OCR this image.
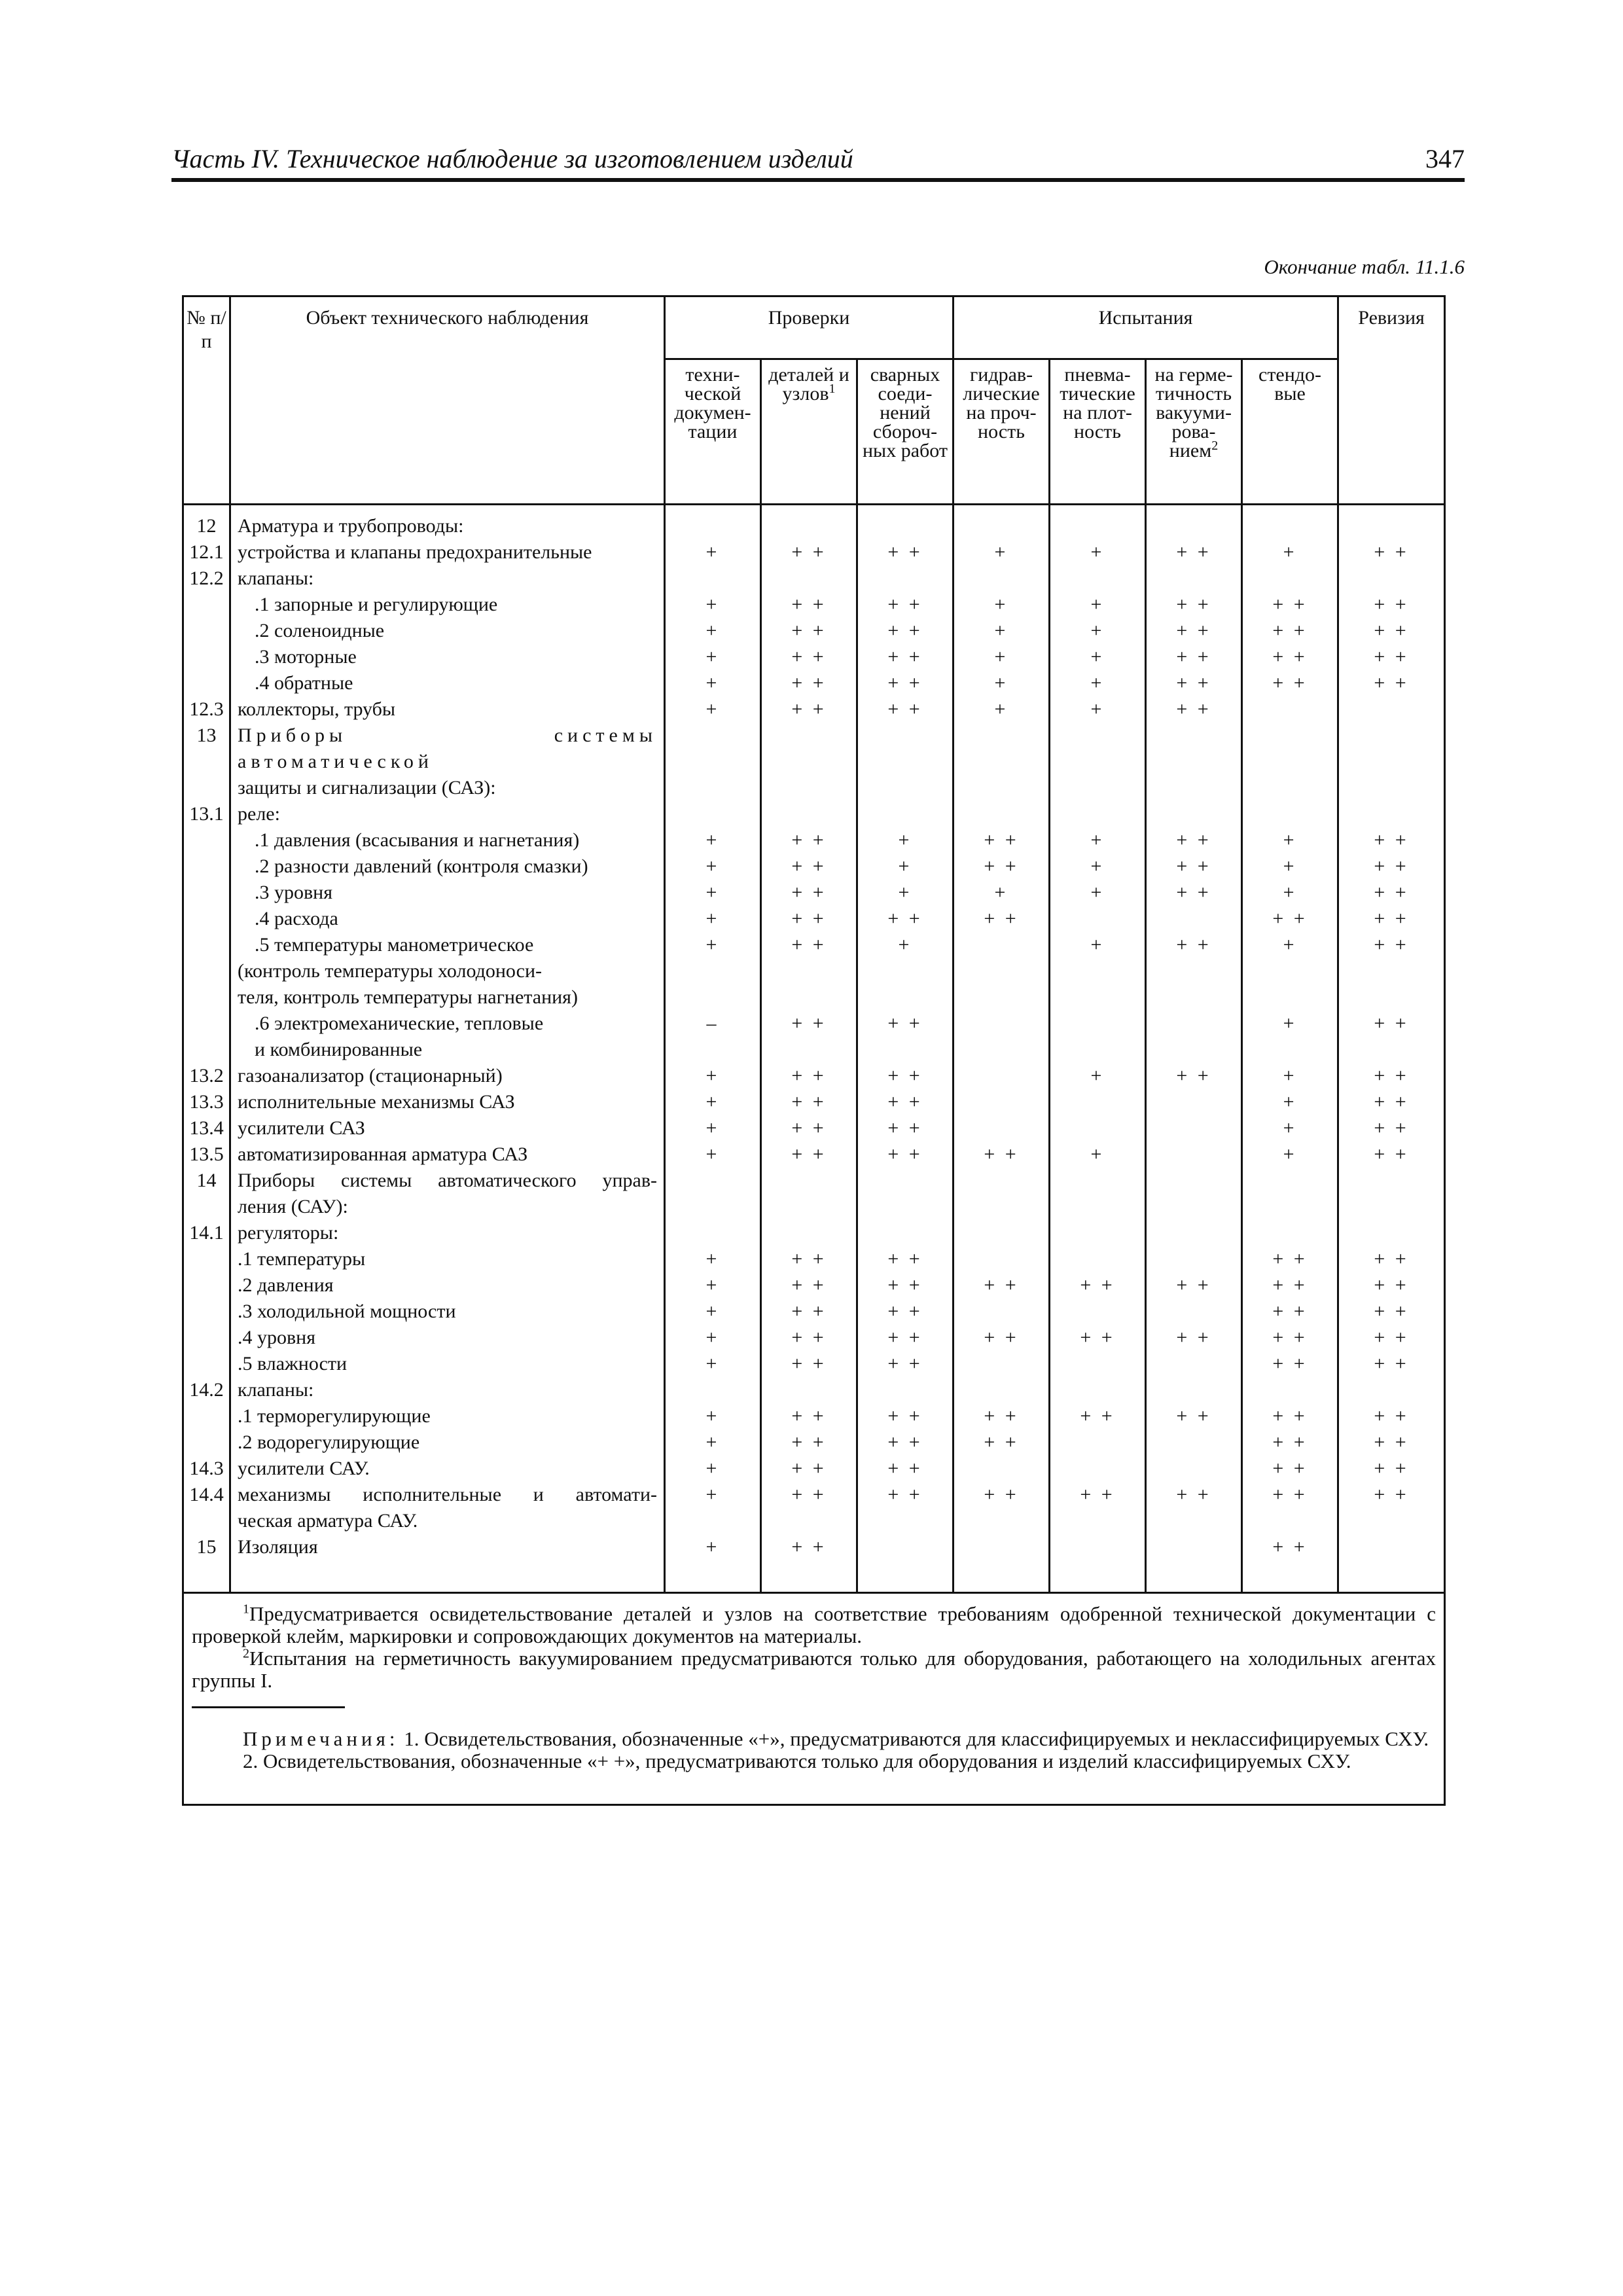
Часть IV. Техническое наблюдение за изготовлением изделий	347
Окончание табл. 11.1.6
№ п/п	Объект технического наблюдения	Проверки			Испытания				Ревизия
		техни- ческой докумен- тации	деталей и узлов$^1$	сварных соеди- нений сбороч- ных работ	гидрав- лические на проч- ность	пневма- тические на плот- ность	на герме- тичность вакууми- рова- нием$^2$	стендо- вые	
12	Арматура и трубопроводы:								
12.1	устройства и клапаны предохранительные	+	+ +	+ +	+	+	+ +	+	+ +
12.2	клапаны:								
	.1 запорные и регулирующие	+	+ +	+ +	+	+	+ +	+ +	+ +
	.2 соленоидные	+	+ +	+ +	+	+	+ +	+ +	+ +
	.3 моторные	+	+ +	+ +	+	+	+ +	+ +	+ +
	.4 обратные	+	+ +	+ +	+	+	+ +	+ +	+ +
12.3	коллекторы, трубы	+	+ +	+ +	+	+	+ +		
13	Приборы системы автоматической								
	защиты и сигнализации (САЗ):								
13.1	реле:								
	.1 давления (всасывания и нагнетания)	+	+ +	+	+ +	+	+ +	+	+ +
	.2 разности давлений (контроля смазки)	+	+ +	+	+ +	+	+ +	+	+ +
	.3 уровня	+	+ +	+	+	+	+ +	+	+ +
	.4 расхода	+	+ +	+ +	+ +			+ +	+ +
	.5 температуры манометрическое	+	+ +	+		+	+ +	+	+ +
	(контроль температуры холодоноси-								
	теля, контроль температуры нагнетания)								
	.6 электромеханические, тепловые	–	+ +	+ +				+	+ +
	и комбинированные								
13.2	газоанализатор (стационарный)	+	+ +	+ +		+	+ +	+	+ +
13.3	исполнительные механизмы САЗ	+	+ +	+ +				+	+ +
13.4	усилители САЗ	+	+ +	+ +				+	+ +
13.5	автоматизированная арматура САЗ	+	+ +	+ +	+ +	+		+	+ +
14	Приборы системы автоматического управ-								
	ления (САУ):								
14.1	регуляторы:								
	.1 температуры	+	+ +	+ +				+ +	+ +
	.2 давления	+	+ +	+ +	+ +	+ +	+ +	+ +	+ +
	.3 холодильной мощности	+	+ +	+ +				+ +	+ +
	.4 уровня	+	+ +	+ +	+ +	+ +	+ +	+ +	+ +
	.5 влажности	+	+ +	+ +				+ +	+ +
14.2	клапаны:								
	.1 терморегулирующие	+	+ +	+ +	+ +	+ +	+ +	+ +	+ +
	.2 водорегулирующие	+	+ +	+ +	+ +			+ +	+ +
14.3	усилители САУ.	+	+ +	+ +				+ +	+ +
14.4	механизмы исполнительные и автомати-	+	+ +	+ +	+ +	+ +	+ +	+ +	+ +
	ческая арматура САУ.								
15	Изоляция	+	+ +					+ +	

$^1$Предусматривается освидетельствование деталей и узлов на соответствие требованиям одобренной технической документации с проверкой клейм, маркировки и сопровождающих документов на материалы.

$^2$Испытания на герметичность вакуумированием предусматриваются только для оборудования, работающего на холодильных агентах группы I.

Примечания: 1. Освидетельствования, обозначенные «+», предусматриваются для классифицируемых и неклассифицируемых СХУ.

2. Освидетельствования, обозначенные «+ +», предусматриваются только для оборудования и изделий классифицируемых СХУ.									
